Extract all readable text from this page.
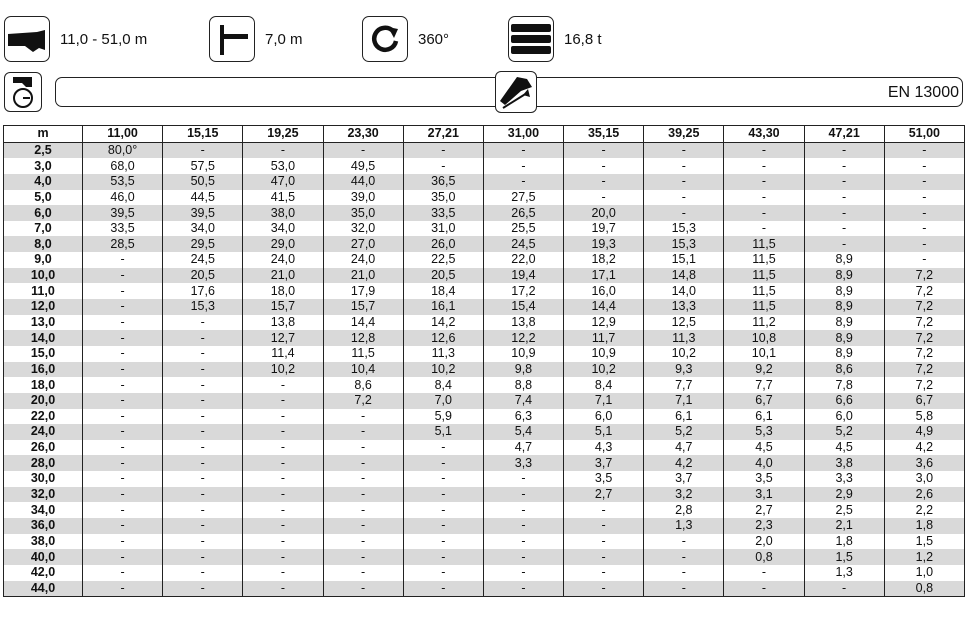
11,0 - 51,0 m	7,0 m	360°	16,8 t
EN 13000
m	11,00	15,15	19,25	23,30	27,21	31,00	35,15	39,25	43,30	47,21	51,00
2,5	80,0°	-	-	-	-	-	-	-	-	-	-
3,0	68,0	57,5	53,0	49,5	-	-	-	-	-	-	-
4,0	53,5	50,5	47,0	44,0	36,5	-	-	-	-	-	-
5,0	46,0	44,5	41,5	39,0	35,0	27,5	-	-	-	-	-
6,0	39,5	39,5	38,0	35,0	33,5	26,5	20,0	-	-	-	-
7,0	33,5	34,0	34,0	32,0	31,0	25,5	19,7	15,3	-	-	-
8,0	28,5	29,5	29,0	27,0	26,0	24,5	19,3	15,3	11,5	-	-
9,0	-	24,5	24,0	24,0	22,5	22,0	18,2	15,1	11,5	8,9	-
10,0	-	20,5	21,0	21,0	20,5	19,4	17,1	14,8	11,5	8,9	7,2
11,0	-	17,6	18,0	17,9	18,4	17,2	16,0	14,0	11,5	8,9	7,2
12,0	-	15,3	15,7	15,7	16,1	15,4	14,4	13,3	11,5	8,9	7,2
13,0	-	-	13,8	14,4	14,2	13,8	12,9	12,5	11,2	8,9	7,2
14,0	-	-	12,7	12,8	12,6	12,2	11,7	11,3	10,8	8,9	7,2
15,0	-	-	11,4	11,5	11,3	10,9	10,9	10,2	10,1	8,9	7,2
16,0	-	-	10,2	10,4	10,2	9,8	10,2	9,3	9,2	8,6	7,2
18,0	-	-	-	8,6	8,4	8,8	8,4	7,7	7,7	7,8	7,2
20,0	-	-	-	7,2	7,0	7,4	7,1	7,1	6,7	6,6	6,7
22,0	-	-	-	-	5,9	6,3	6,0	6,1	6,1	6,0	5,8
24,0	-	-	-	-	5,1	5,4	5,1	5,2	5,3	5,2	4,9
26,0	-	-	-	-	-	4,7	4,3	4,7	4,5	4,5	4,2
28,0	-	-	-	-	-	3,3	3,7	4,2	4,0	3,8	3,6
30,0	-	-	-	-	-	-	3,5	3,7	3,5	3,3	3,0
32,0	-	-	-	-	-	-	2,7	3,2	3,1	2,9	2,6
34,0	-	-	-	-	-	-	-	2,8	2,7	2,5	2,2
36,0	-	-	-	-	-	-	-	1,3	2,3	2,1	1,8
38,0	-	-	-	-	-	-	-	-	2,0	1,8	1,5
40,0	-	-	-	-	-	-	-	-	0,8	1,5	1,2
42,0	-	-	-	-	-	-	-	-	-	1,3	1,0
44,0	-	-	-	-	-	-	-	-	-	-	0,8
